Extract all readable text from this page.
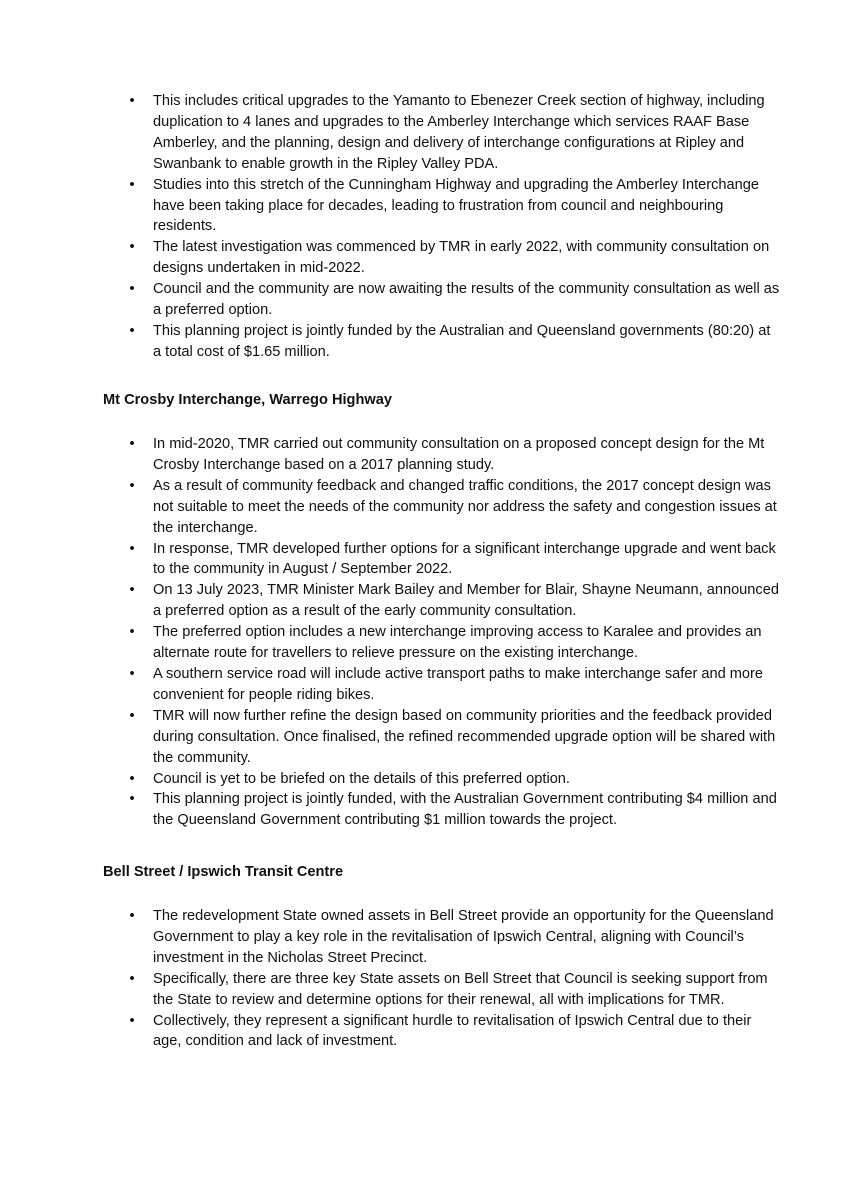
• This includes critical upgrades to the Yamanto to Ebenezer Creek section of highway, including duplication to 4 lanes and upgrades to the Amberley Interchange which services RAAF Base Amberley, and the planning, design and delivery of interchange configurations at Ripley and Swanbank to enable growth in the Ripley Valley PDA.
• Studies into this stretch of the Cunningham Highway and upgrading the Amberley Interchange have been taking place for decades, leading to frustration from council and neighbouring residents.
• The latest investigation was commenced by TMR in early 2022, with community consultation on designs undertaken in mid-2022.
• Council and the community are now awaiting the results of the community consultation as well as a preferred option.
• This planning project is jointly funded by the Australian and Queensland governments (80:20) at a total cost of $1.65 million.
Mt Crosby Interchange, Warrego Highway
• In mid-2020, TMR carried out community consultation on a proposed concept design for the Mt Crosby Interchange based on a 2017 planning study.
• As a result of community feedback and changed traffic conditions, the 2017 concept design was not suitable to meet the needs of the community nor address the safety and congestion issues at the interchange.
• In response, TMR developed further options for a significant interchange upgrade and went back to the community in August / September 2022.
• On 13 July 2023, TMR Minister Mark Bailey and Member for Blair, Shayne Neumann, announced a preferred option as a result of the early community consultation.
• The preferred option includes a new interchange improving access to Karalee and provides an alternate route for travellers to relieve pressure on the existing interchange.
• A southern service road will include active transport paths to make interchange safer and more convenient for people riding bikes.
• TMR will now further refine the design based on community priorities and the feedback provided during consultation. Once finalised, the refined recommended upgrade option will be shared with the community.
• Council is yet to be briefed on the details of this preferred option.
• This planning project is jointly funded, with the Australian Government contributing $4 million and the Queensland Government contributing $1 million towards the project.
Bell Street / Ipswich Transit Centre
• The redevelopment State owned assets in Bell Street provide an opportunity for the Queensland Government to play a key role in the revitalisation of Ipswich Central, aligning with Council’s investment in the Nicholas Street Precinct.
• Specifically, there are three key State assets on Bell Street that Council is seeking support from the State to review and determine options for their renewal, all with implications for TMR.
• Collectively, they represent a significant hurdle to revitalisation of Ipswich Central due to their age, condition and lack of investment.
